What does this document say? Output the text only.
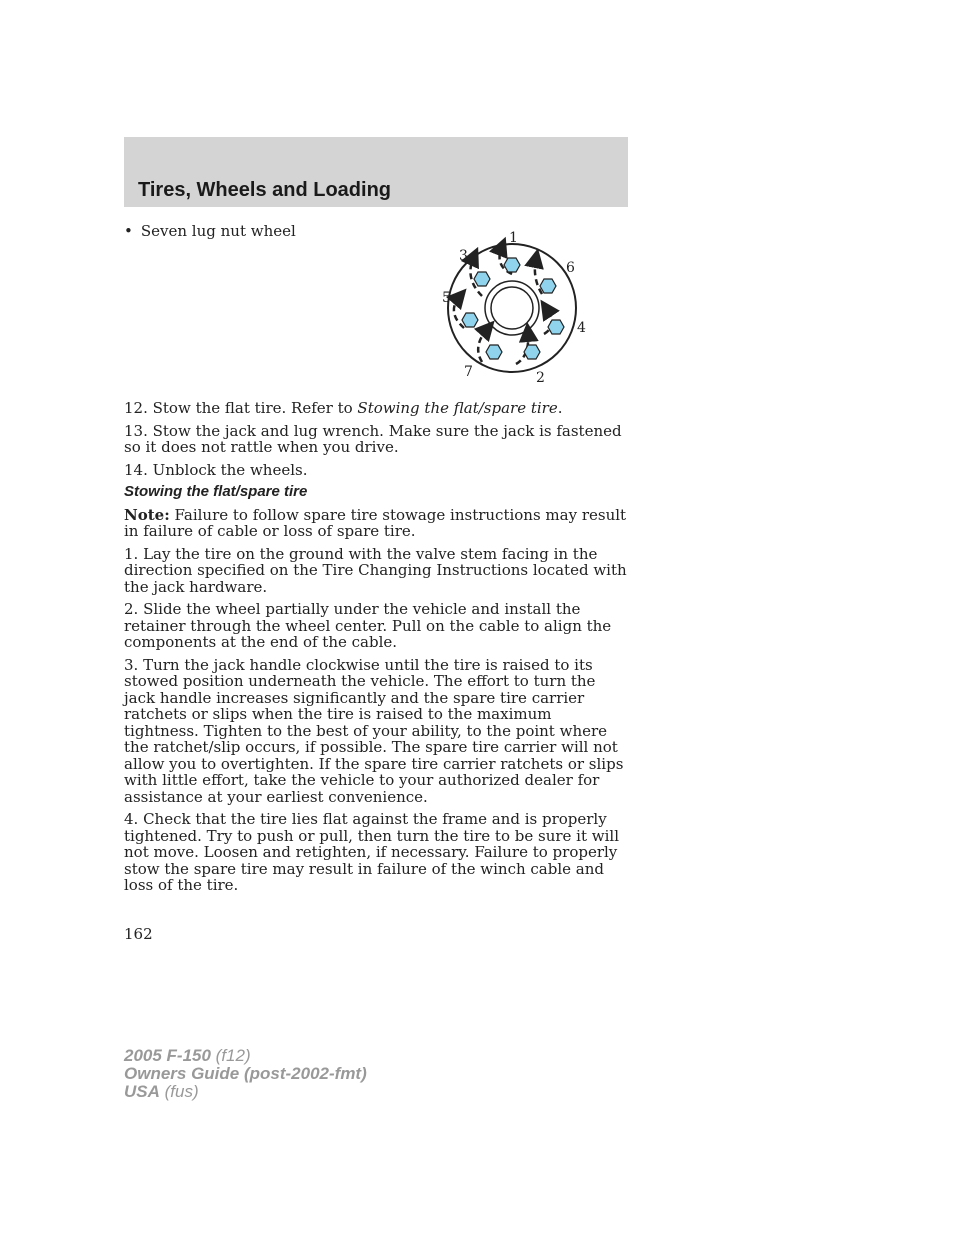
Tires, Wheels and Loading
• Seven lug nut wheel	1
2
3
4
5
6
7

12. Stow the flat tire. Refer to Stowing the flat/spare tire.

13. Stow the jack and lug wrench. Make sure the jack is fastened so it does not rattle when you drive.

14. Unblock the wheels.

Stowing the flat/spare tire

Note: Failure to follow spare tire stowage instructions may result in failure of cable or loss of spare tire.

1. Lay the tire on the ground with the valve stem facing in the direction specified on the Tire Changing Instructions located with the jack hardware.

2. Slide the wheel partially under the vehicle and install the retainer through the wheel center. Pull on the cable to align the components at the end of the cable.

3. Turn the jack handle clockwise until the tire is raised to its stowed position underneath the vehicle. The effort to turn the jack handle increases significantly and the spare tire carrier ratchets or slips when the tire is raised to the maximum tightness. Tighten to the best of your ability, to the point where the ratchet/slip occurs, if possible. The spare tire carrier will not allow you to overtighten. If the spare tire carrier ratchets or slips with little effort, take the vehicle to your authorized dealer for assistance at your earliest convenience.

4. Check that the tire lies flat against the frame and is properly tightened. Try to push or pull, then turn the tire to be sure it will not move. Loosen and retighten, if necessary. Failure to properly stow the spare tire may result in failure of the winch cable and loss of the tire.

162
2005 F-150 (f12)
Owners Guide (post-2002-fmt)
USA (fus)
